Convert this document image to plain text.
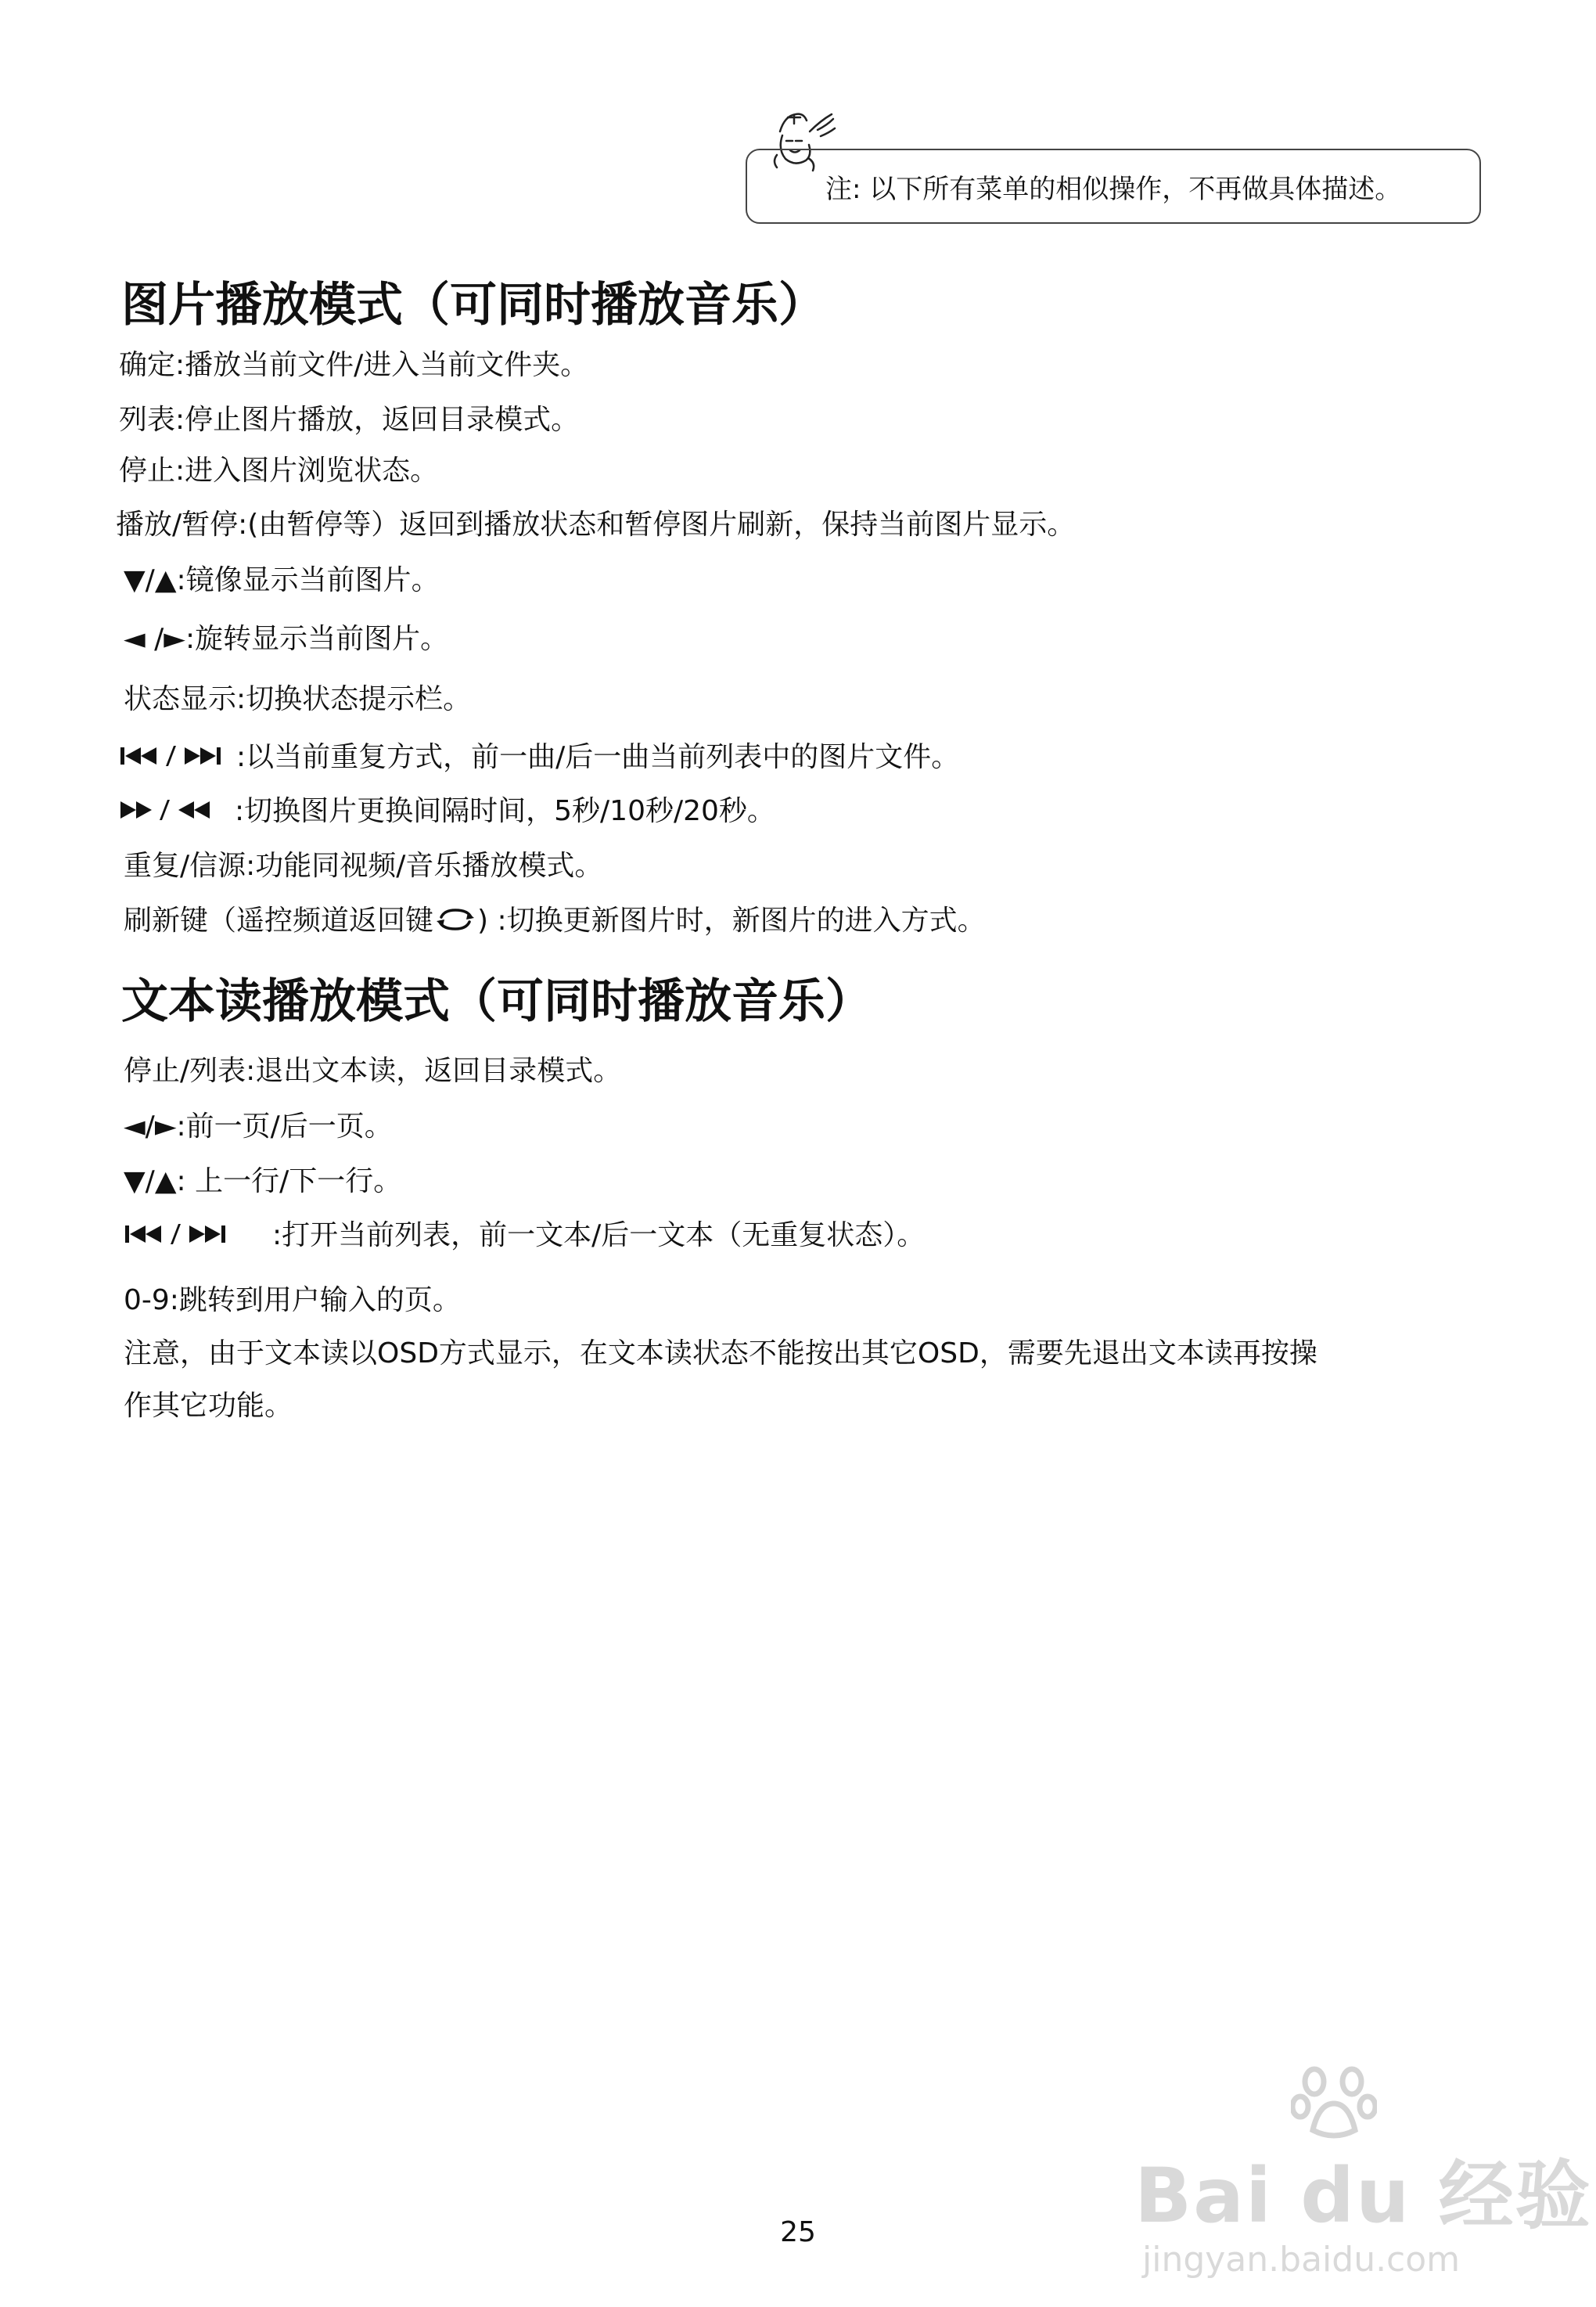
注: 以下所有菜单的相似操作，不再做具体描述。
图片播放模式（可同时播放音乐）
确定:播放当前文件/进入当前文件夹。
列表:停止图片播放，返回目录模式。
停止:进入图片浏览状态。
播放/暂停:(由暂停等）返回到播放状态和暂停图片刷新，保持当前图片显示。
▼/▲:镜像显示当前图片。
◄ /►:旋转显示当前图片。
状态显示:切换状态提示栏。
:以当前重复方式，前一曲/后一曲当前列表中的图片文件。
:切换图片更换间隔时间，5秒/10秒/20秒。
重复/信源:功能同视频/音乐播放模式。
刷新键（遥控频道返回键 ) :切换更新图片时，新图片的进入方式。
文本读播放模式（可同时播放音乐）
停止/列表:退出文本读，返回目录模式。
◄/►:前一页/后一页。
▼/▲: 上一行/下一行。
:打开当前列表，前一文本/后一文本（无重复状态）。
0-9:跳转到用户输入的页。
注意，由于文本读以OSD方式显示，在文本读状态不能按出其它OSD，需要先退出文本读再按操
作其它功能。
Bai du 经验
jingyan.baidu.com
25
